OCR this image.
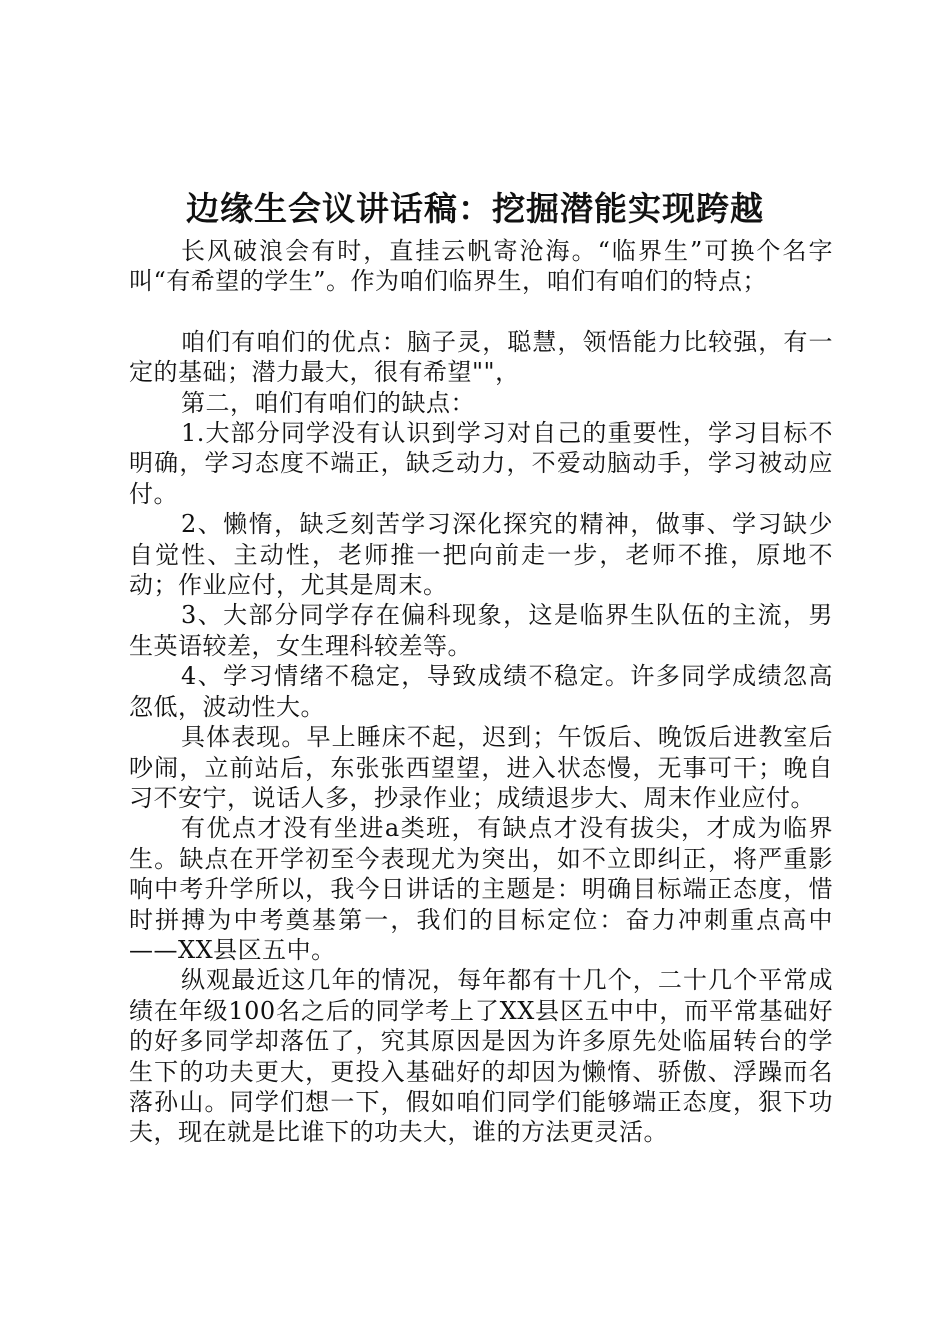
边缘生会议讲话稿：挖掘潜能实现跨越

长风破浪会有时，直挂云帆寄沧海。“临界生”可换个名字叫“有希望的学生”。作为咱们临界生，咱们有咱们的特点；

咱们有咱们的优点：脑子灵，聪慧，领悟能力比较强，有一定的基础；潜力最大，很有希望""，

第二，咱们有咱们的缺点：

1.大部分同学没有认识到学习对自己的重要性，学习目标不明确，学习态度不端正，缺乏动力，不爱动脑动手，学习被动应付。

2、懒惰，缺乏刻苦学习深化探究的精神，做事、学习缺少自觉性、主动性，老师推一把向前走一步，老师不推，原地不动；作业应付，尤其是周末。

3、大部分同学存在偏科现象，这是临界生队伍的主流，男生英语较差，女生理科较差等。

4、学习情绪不稳定，导致成绩不稳定。许多同学成绩忽高忽低，波动性大。

具体表现。早上睡床不起，迟到；午饭后、晚饭后进教室后吵闹，立前站后，东张张西望望，进入状态慢，无事可干；晚自习不安宁，说话人多，抄录作业；成绩退步大、周末作业应付。

有优点才没有坐进a类班，有缺点才没有拔尖，才成为临界生。缺点在开学初至今表现尤为突出，如不立即纠正，将严重影响中考升学所以，我今日讲话的主题是：明确目标端正态度，惜时拼搏为中考奠基第一，我们的目标定位：奋力冲刺重点高中——XX县区五中。

纵观最近这几年的情况，每年都有十几个，二十几个平常成绩在年级100名之后的同学考上了XX县区五中中，而平常基础好的好多同学却落伍了，究其原因是因为许多原先处临届转台的学生下的功夫更大，更投入基础好的却因为懒惰、骄傲、浮躁而名落孙山。同学们想一下，假如咱们同学们能够端正态度，狠下功夫，现在就是比谁下的功夫大，谁的方法更灵活。
